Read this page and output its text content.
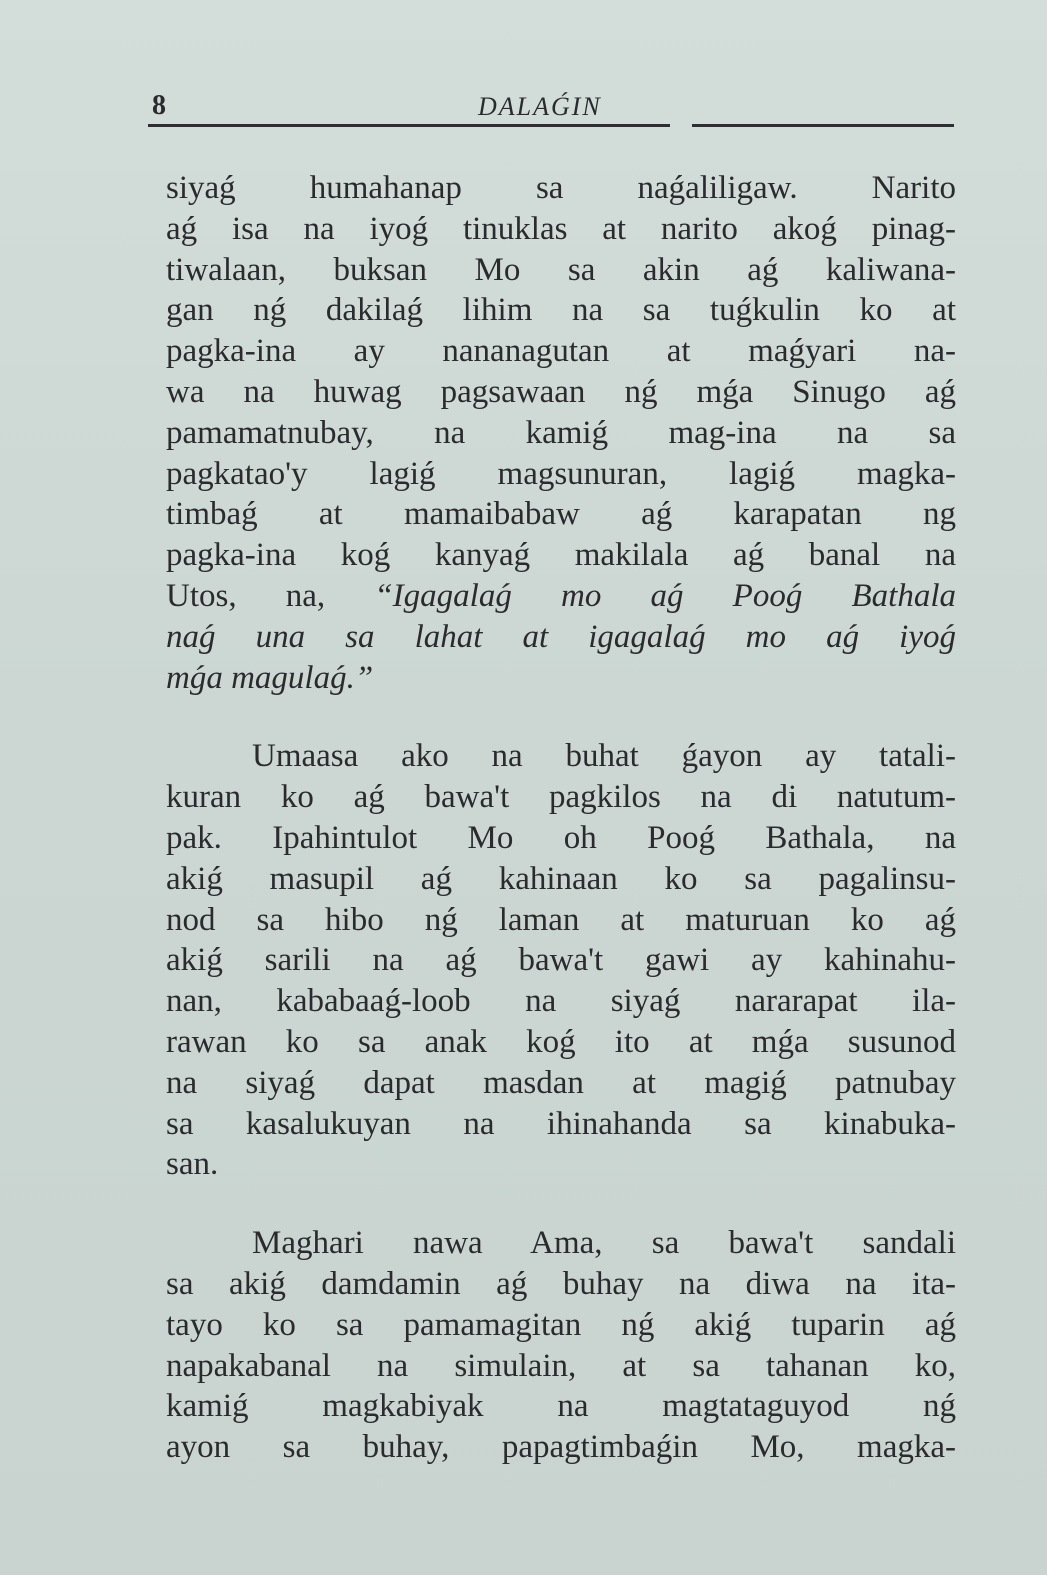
8	DALAǴIN
siyaǵ humahanap sa naǵaliligaw. Narito
aǵ isa na iyoǵ tinuklas at narito akoǵ pinag-
tiwalaan, buksan Mo sa akin aǵ kaliwana-
gan nǵ dakilaǵ lihim na sa tuǵkulin ko at
pagka-ina ay nananagutan at maǵyari na-
wa na huwag pagsawaan nǵ mǵa Sinugo aǵ
pamamatnubay, na kamiǵ mag-ina na sa
pagkatao'y lagiǵ magsunuran, lagiǵ magka-
timbaǵ at mamaibabaw aǵ karapatan ng
pagka-ina koǵ kanyaǵ makilala aǵ banal na
Utos, na, “Igagalaǵ mo aǵ Pooǵ Bathala
naǵ una sa lahat at igagalaǵ mo aǵ iyoǵ
mǵa magulaǵ.”
Umaasa ako na buhat ǵayon ay tatali-
kuran ko aǵ bawa't pagkilos na di natutum-
pak. Ipahintulot Mo oh Pooǵ Bathala, na
akiǵ masupil aǵ kahinaan ko sa pagalinsu-
nod sa hibo nǵ laman at maturuan ko aǵ
akiǵ sarili na aǵ bawa't gawi ay kahinahu-
nan, kababaaǵ-loob na siyaǵ nararapat ila-
rawan ko sa anak koǵ ito at mǵa susunod
na siyaǵ dapat masdan at magiǵ patnubay
sa kasalukuyan na ihinahanda sa kinabuka-
san.
Maghari nawa Ama, sa bawa't sandali
sa akiǵ damdamin aǵ buhay na diwa na ita-
tayo ko sa pamamagitan nǵ akiǵ tuparin aǵ
napakabanal na simulain, at sa tahanan ko,
kamiǵ magkabiyak na magtataguyod nǵ
ayon sa buhay, papagtimbaǵin Mo, magka-
